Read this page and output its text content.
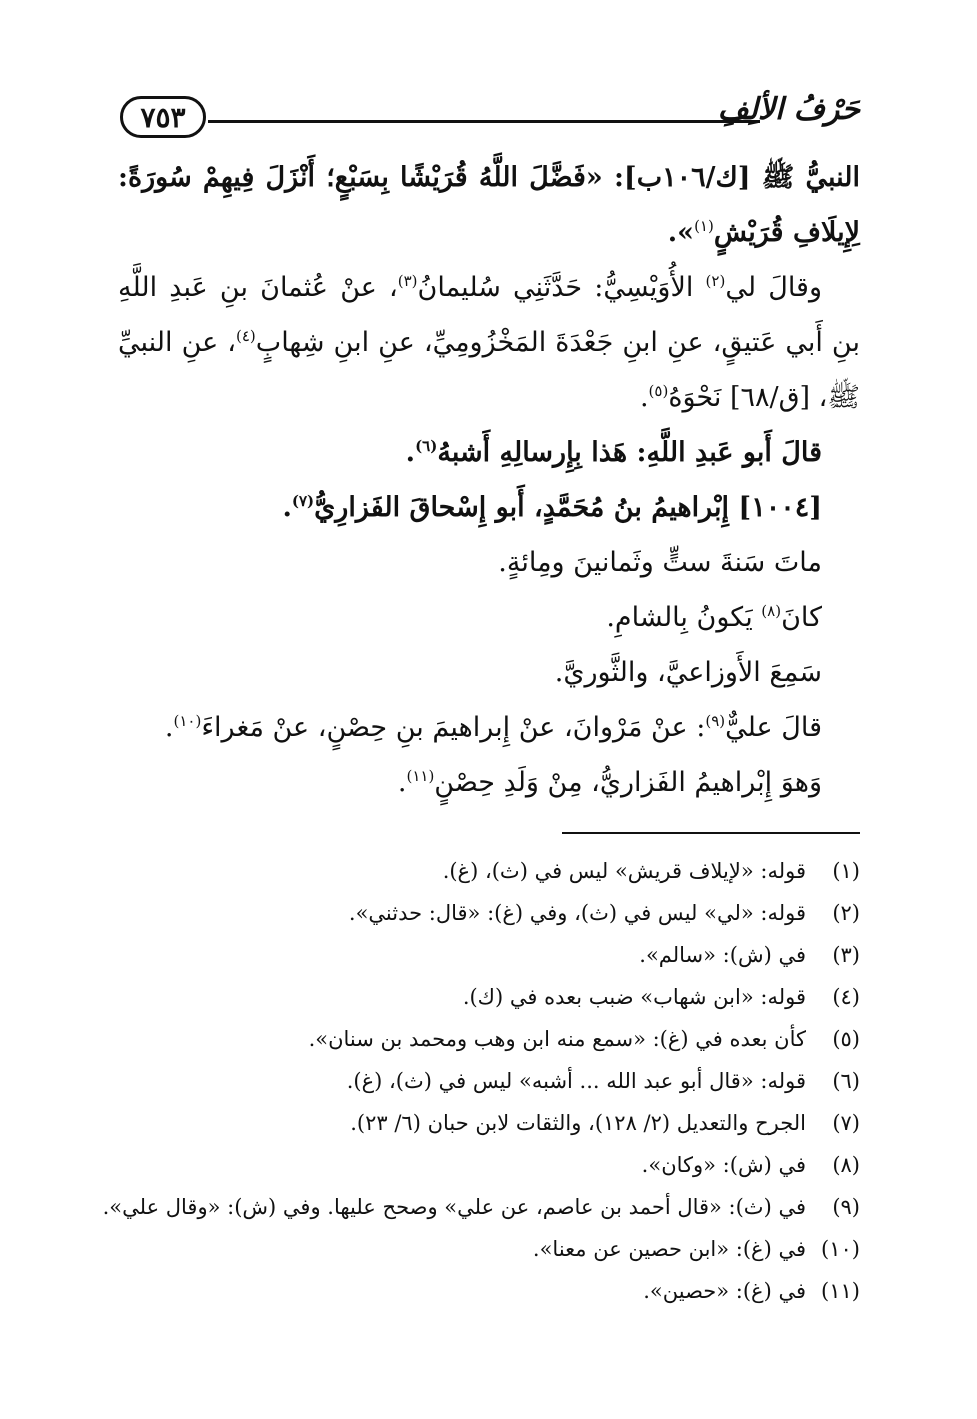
٧٥٣	حَرْفُ الألِفِ

النبيُّ ﷺ [ك/١٠٦ب]: «فَضَّلَ اللَّهُ قُرَيْشًا بِسَبْعٍ؛ أَنْزَلَ فِيهِمْ سُورَةً: لِإِيلَافِ قُرَيْشٍ$^{(١)}$».

وقالَ لي$^{(٢)}$ الأُوَيْسِيُّ: حَدَّثَنِي سُليمانُ$^{(٣)}$، عنْ عُثمانَ بنِ عَبدِ اللَّهِ بنِ أَبي عَتيقٍ، عنِ ابنِ جَعْدَةَ المَخْزُومِيِّ، عنِ ابنِ شِهابٍ$^{(٤)}$، عنِ النبيِّ ﷺ، [ق/٦٨] نَحْوَهُ$^{(٥)}$.

قالَ أَبو عَبدِ اللَّهِ: هَذا بِإِرسالِهِ أَشبهُ$^{(٦)}$.

[١٠٠٤] إِبْراهيمُ بنُ مُحَمَّدٍ، أَبو إِسْحاقَ الفَزارِيُّ$^{(٧)}$.

ماتَ سَنةَ ستٍّ وثَمانينَ ومِائةٍ.

كانَ$^{(٨)}$ يَكونُ بِالشامِ.

سَمِعَ الأَوزاعيَّ، والثَّوريَّ.

قالَ عليٌّ$^{(٩)}$: عنْ مَرْوانَ، عنْ إِبراهيمَ بنِ حِصْنٍ، عنْ مَغراءَ$^{(١٠)}$.

وَهوَ إِبْراهيمُ الفَزاريُّ، مِنْ وَلَدِ حِصْنٍ$^{(١١)}$.

(١)
قوله: «لإيلاف قريش» ليس في (ث)، (غ).
(٢)
قوله: «لي» ليس في (ث)، وفي (غ): «قال: حدثني».
(٣)
في (ش): «سالم».
(٤)
قوله: «ابن شهاب» ضبب بعده في (ك).
(٥)
كأن بعده في (غ): «سمع منه ابن وهب ومحمد بن سنان».
(٦)
قوله: «قال أبو عبد الله ... أشبه» ليس في (ث)، (غ).
(٧)
الجرح والتعديل (٢/ ١٢٨)، والثقات لابن حبان (٦/ ٢٣).
(٨)
في (ش): «وكان».
(٩)
في (ث): «قال أحمد بن عاصم، عن علي» وصحح عليها. وفي (ش): «وقال علي».
(١٠)
في (غ): «ابن حصين عن معنا».
(١١)
في (غ): «حصين».
